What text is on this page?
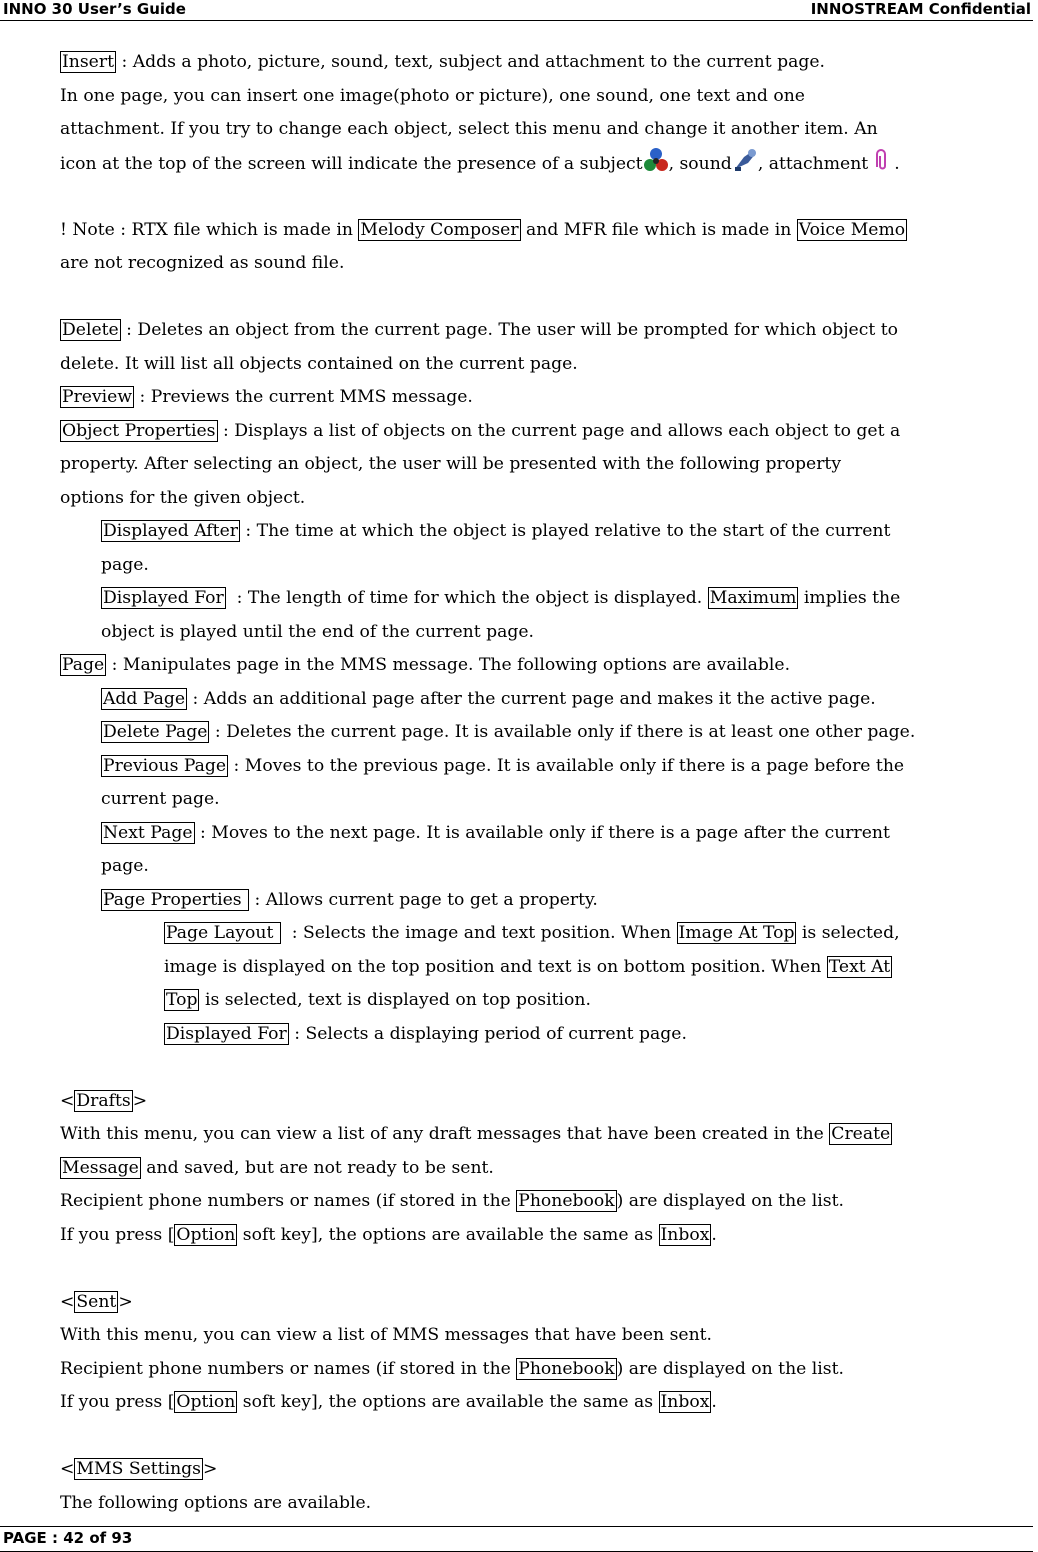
INNO 30 User’s Guide	INNOSTREAM Confidential
Insert : Adds a photo, picture, sound, text, subject and attachment to the current page.
In one page, you can insert one image(photo or picture), one sound, one text and one
attachment. If you try to change each object, select this menu and change it another item. An
icon at the top of the screen will indicate the presence of a subject , sound , attachment .
! Note : RTX file which is made in Melody Composer and MFR file which is made in Voice Memo
are not recognized as sound file.
Delete : Deletes an object from the current page. The user will be prompted for which object to
delete. It will list all objects contained on the current page.
Preview : Previews the current MMS message.
Object Properties : Displays a list of objects on the current page and allows each object to get a
property. After selecting an object, the user will be presented with the following property
options for the given object.
Displayed After : The time at which the object is played relative to the start of the current
page.
Displayed For  : The length of time for which the object is displayed. Maximum implies the
object is played until the end of the current page.
Page : Manipulates page in the MMS message. The following options are available.
Add Page : Adds an additional page after the current page and makes it the active page.
Delete Page : Deletes the current page. It is available only if there is at least one other page.
Previous Page : Moves to the previous page. It is available only if there is a page before the
current page.
Next Page : Moves to the next page. It is available only if there is a page after the current
page.
Page Properties  : Allows current page to get a property.
Page Layout   : Selects the image and text position. When Image At Top is selected,
image is displayed on the top position and text is on bottom position. When Text At
Top is selected, text is displayed on top position.
Displayed For : Selects a displaying period of current page.
< Drafts >
With this menu, you can view a list of any draft messages that have been created in the Create
Message and saved, but are not ready to be sent.
Recipient phone numbers or names (if stored in the Phonebook ) are displayed on the list.
If you press [ Option soft key], the options are available the same as Inbox .
< Sent >
With this menu, you can view a list of MMS messages that have been sent.
Recipient phone numbers or names (if stored in the Phonebook ) are displayed on the list.
If you press [ Option soft key], the options are available the same as Inbox .
< MMS Settings >
The following options are available.
PAGE : 42 of 93
